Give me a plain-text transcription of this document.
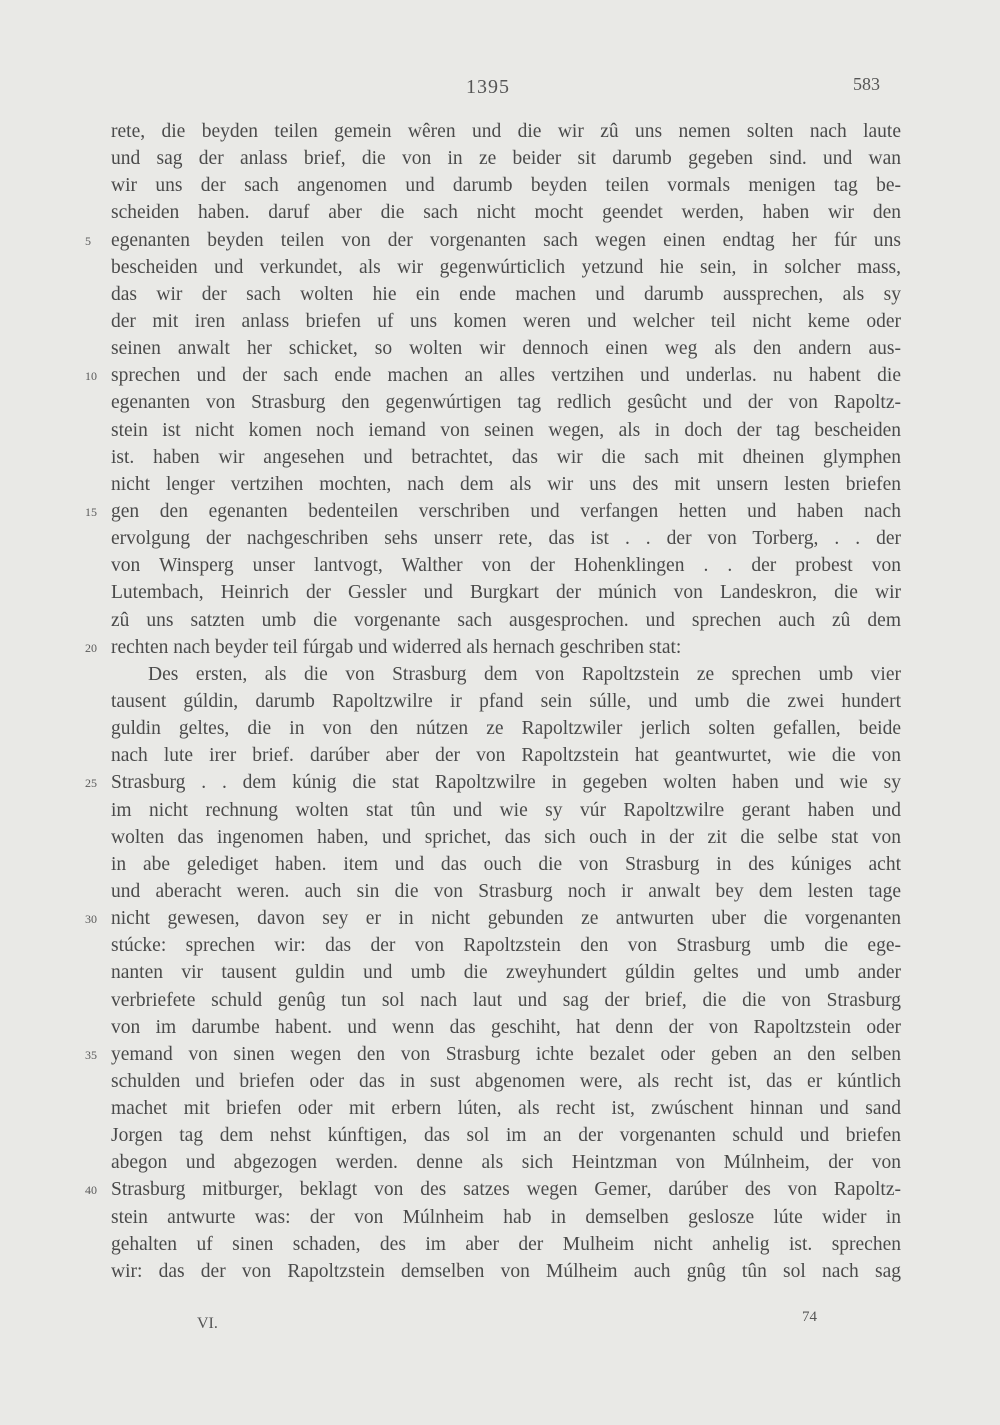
1395	583
rete, die beyden teilen gemein wêren und die wir zû uns nemen solten nach laute
und sag der anlass brief, die von in ze beider sit darumb gegeben sind. und wan
wir uns der sach angenomen und darumb beyden teilen vormals menigen tag be-
scheiden haben. daruf aber die sach nicht mocht geendet werden, haben wir den
5 egenanten beyden teilen von der vorgenanten sach wegen einen endtag her fúr uns
bescheiden und verkundet, als wir gegenwúrticlich yetzund hie sein, in solcher mass,
das wir der sach wolten hie ein ende machen und darumb aussprechen, als sy
der mit iren anlass briefen uf uns komen weren und welcher teil nicht keme oder
seinen anwalt her schicket, so wolten wir dennoch einen weg als den andern aus-
10 sprechen und der sach ende machen an alles vertzihen und underlas. nu habent die
egenanten von Strasburg den gegenwúrtigen tag redlich gesûcht und der von Rapoltz-
stein ist nicht komen noch iemand von seinen wegen, als in doch der tag bescheiden
ist. haben wir angesehen und betrachtet, das wir die sach mit dheinen glymphen
nicht lenger vertzihen mochten, nach dem als wir uns des mit unsern lesten briefen
15 gen den egenanten bedenteilen verschriben und verfangen hetten und haben nach
ervolgung der nachgeschriben sehs unserr rete, das ist . . der von Torberg, . . der
von Winsperg unser lantvogt, Walther von der Hohenklingen . . der probest von
Lutembach, Heinrich der Gessler und Burgkart der múnich von Landeskron, die wir
zû uns satzten umb die vorgenante sach ausgesprochen. und sprechen auch zû dem
20 rechten nach beyder teil fúrgab und widerred als hernach geschriben stat:
Des ersten, als die von Strasburg dem von Rapoltzstein ze sprechen umb vier
tausent gúldin, darumb Rapoltzwilre ir pfand sein súlle, und umb die zwei hundert
guldin geltes, die in von den nútzen ze Rapoltzwiler jerlich solten gefallen, beide
nach lute irer brief. darúber aber der von Rapoltzstein hat geantwurtet, wie die von
25 Strasburg . . dem kúnig die stat Rapoltzwilre in gegeben wolten haben und wie sy
im nicht rechnung wolten stat tûn und wie sy vúr Rapoltzwilre gerant haben und
wolten das ingenomen haben, und sprichet, das sich ouch in der zit die selbe stat von
in abe gelediget haben. item und das ouch die von Strasburg in des kúniges acht
und aberacht weren. auch sin die von Strasburg noch ir anwalt bey dem lesten tage
30 nicht gewesen, davon sey er in nicht gebunden ze antwurten uber die vorgenanten
stúcke: sprechen wir: das der von Rapoltzstein den von Strasburg umb die ege-
nanten vir tausent guldin und umb die zweyhundert gúldin geltes und umb ander
verbriefete schuld genûg tun sol nach laut und sag der brief, die die von Strasburg
von im darumbe habent. und wenn das geschiht, hat denn der von Rapoltzstein oder
35 yemand von sinen wegen den von Strasburg ichte bezalet oder geben an den selben
schulden und briefen oder das in sust abgenomen were, als recht ist, das er kúntlich
machet mit briefen oder mit erbern lúten, als recht ist, zwúschent hinnan und sand
Jorgen tag dem nehst kúnftigen, das sol im an der vorgenanten schuld und briefen
abegon und abgezogen werden. denne als sich Heintzman von Múlnheim, der von
40 Strasburg mitburger, beklagt von des satzes wegen Gemer, darúber des von Rapoltz-
stein antwurte was: der von Múlnheim hab in demselben geslosze lúte wider in
gehalten uf sinen schaden, des im aber der Mulheim nicht anhelig ist. sprechen
wir: das der von Rapoltzstein demselben von Múlheim auch gnûg tûn sol nach sag
VI.	74
